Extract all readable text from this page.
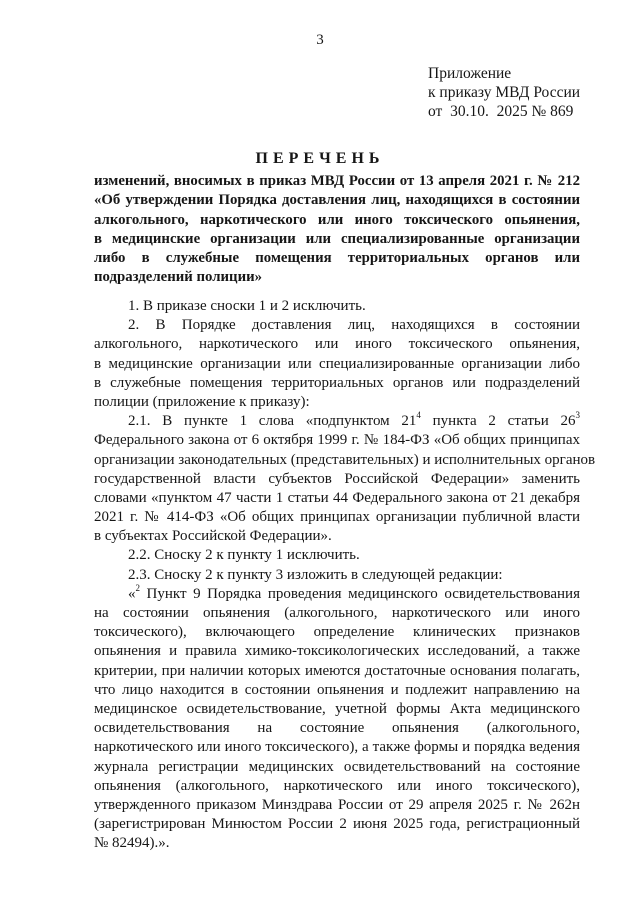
3
Приложение
к приказу МВД России
от  30.10.  2025 № 869
ПЕРЕЧЕНЬ
изменений, вносимых в приказ МВД России от 13 апреля 2021 г. № 212
«Об утверждении Порядка доставления лиц, находящихся в состоянии
алкогольного, наркотического или иного токсического опьянения,
в медицинские организации или специализированные организации
либо в служебные помещения территориальных органов или
подразделений полиции»
1. В приказе сноски 1 и 2 исключить.
2. В Порядке доставления лиц, находящихся в состоянии
алкогольного, наркотического или иного токсического опьянения,
в медицинские организации или специализированные организации либо
в служебные помещения территориальных органов или подразделений
полиции (приложение к приказу):
2.1. В пункте 1 слова «подпунктом $21^4$ пункта 2 статьи $26^3$
Федерального закона от 6 октября 1999 г. № 184-ФЗ «Об общих принципах
организации законодательных (представительных) и исполнительных органов
государственной власти субъектов Российской Федерации» заменить
словами «пунктом 47 части 1 статьи 44 Федерального закона от 21 декабря
2021 г. № 414-ФЗ «Об общих принципах организации публичной власти
в субъектах Российской Федерации».
2.2. Сноску 2 к пункту 1 исключить.
2.3. Сноску 2 к пункту 3 изложить в следующей редакции:
«$^2$ Пункт 9 Порядка проведения медицинского освидетельствования
на состоянии опьянения (алкогольного, наркотического или иного
токсического), включающего определение клинических признаков
опьянения и правила химико-токсикологических исследований, а также
критерии, при наличии которых имеются достаточные основания полагать,
что лицо находится в состоянии опьянения и подлежит направлению на
медицинское освидетельствование, учетной формы Акта медицинского
освидетельствования на состояние опьянения (алкогольного,
наркотического или иного токсического), а также формы и порядка ведения
журнала регистрации медицинских освидетельствований на состояние
опьянения (алкогольного, наркотического или иного токсического),
утвержденного приказом Минздрава России от 29 апреля 2025 г. № 262н
(зарегистрирован Минюстом России 2 июня 2025 года, регистрационный
№ 82494).».
